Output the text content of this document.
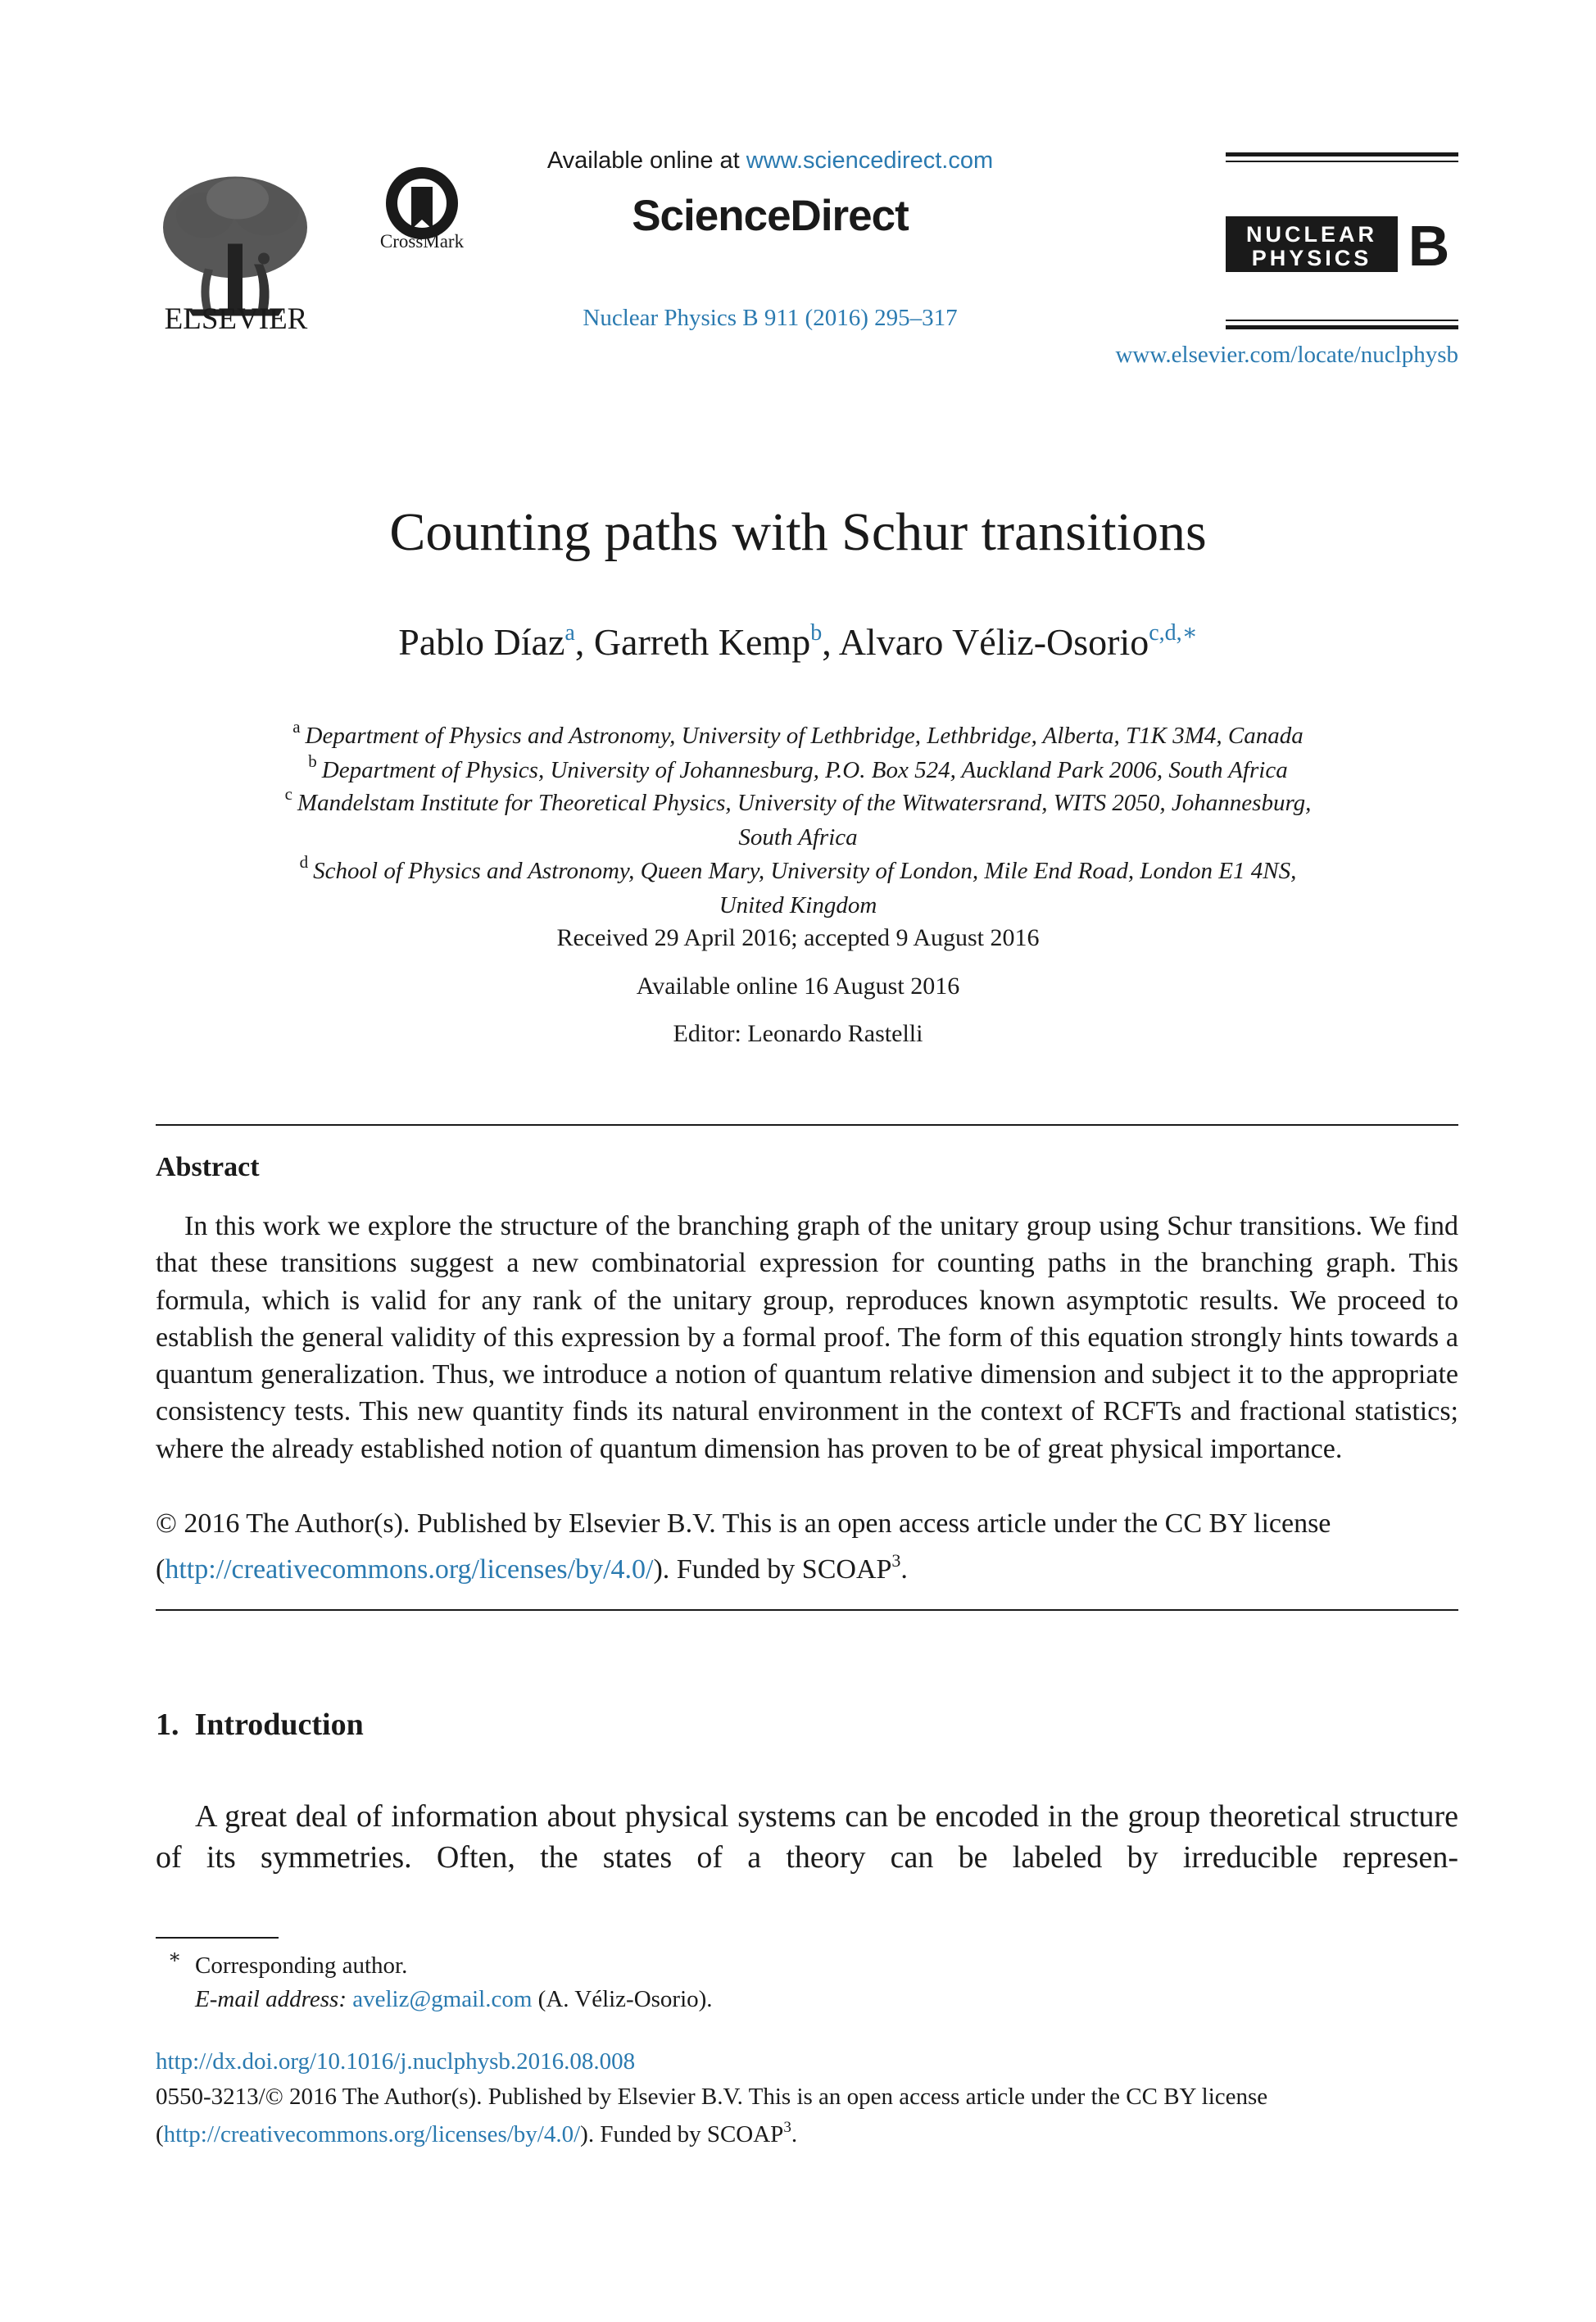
ELSEVIER
CrossMark
Available online at www.sciencedirect.com
ScienceDirect
Nuclear Physics B 911 (2016) 295–317
NUCLEAR
PHYSICS B
www.elsevier.com/locate/nuclphysb
Counting paths with Schur transitions
Pablo Díaz$^a$, Garreth Kemp$^b$, Alvaro Véliz-Osorio$^{c,d,∗}$
$^a$ Department of Physics and Astronomy, University of Lethbridge, Lethbridge, Alberta, T1K 3M4, Canada
$^b$ Department of Physics, University of Johannesburg, P.O. Box 524, Auckland Park 2006, South Africa
$^c$ Mandelstam Institute for Theoretical Physics, University of the Witwatersrand, WITS 2050, Johannesburg,
South Africa
$^d$ School of Physics and Astronomy, Queen Mary, University of London, Mile End Road, London E1 4NS,
United Kingdom
Received 29 April 2016; accepted 9 August 2016
Available online 16 August 2016
Editor: Leonardo Rastelli
Abstract
In this work we explore the structure of the branching graph of the unitary group using Schur transitions. We find that these transitions suggest a new combinatorial expression for counting paths in the branching graph. This formula, which is valid for any rank of the unitary group, reproduces known asymptotic results. We proceed to establish the general validity of this expression by a formal proof. The form of this equation strongly hints towards a quantum generalization. Thus, we introduce a notion of quantum relative dimension and subject it to the appropriate consistency tests. This new quantity finds its natural environment in the context of RCFTs and fractional statistics; where the already established notion of quantum dimension has proven to be of great physical importance.
© 2016 The Author(s). Published by Elsevier B.V. This is an open access article under the CC BY license
(http://creativecommons.org/licenses/by/4.0/). Funded by SCOAP$^3$.
1.  Introduction
A great deal of information about physical systems can be encoded in the group theoretical structure of its symmetries. Often, the states of a theory can be labeled by irreducible represen-
∗ Corresponding author.
E-mail address: aveliz@gmail.com (A. Véliz-Osorio).
http://dx.doi.org/10.1016/j.nuclphysb.2016.08.008
0550-3213/© 2016 The Author(s). Published by Elsevier B.V. This is an open access article under the CC BY license
(http://creativecommons.org/licenses/by/4.0/). Funded by SCOAP$^3$.
